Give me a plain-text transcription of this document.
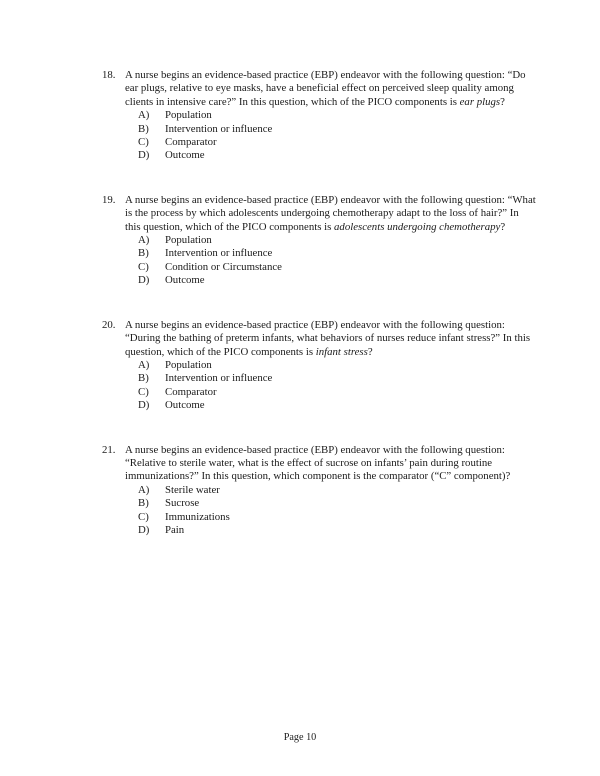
18. A nurse begins an evidence-based practice (EBP) endeavor with the following question: “Do ear plugs, relative to eye masks, have a beneficial effect on perceived sleep quality among clients in intensive care?” In this question, which of the PICO components is ear plugs?

A)	Population
B)	Intervention or influence
C)	Comparator
D)	Outcome
19. A nurse begins an evidence-based practice (EBP) endeavor with the following question: “What is the process by which adolescents undergoing chemotherapy adapt to the loss of hair?” In this question, which of the PICO components is adolescents undergoing chemotherapy?

A)	Population
B)	Intervention or influence
C)	Condition or Circumstance
D)	Outcome
20. A nurse begins an evidence-based practice (EBP) endeavor with the following question: “During the bathing of preterm infants, what behaviors of nurses reduce infant stress?” In this question, which of the PICO components is infant stress?

A)	Population
B)	Intervention or influence
C)	Comparator
D)	Outcome
21. A nurse begins an evidence-based practice (EBP) endeavor with the following question: “Relative to sterile water, what is the effect of sucrose on infants’ pain during routine immunizations?” In this question, which component is the comparator (“C” component)?

A)	Sterile water
B)	Sucrose
C)	Immunizations
D)	Pain
Page 10
